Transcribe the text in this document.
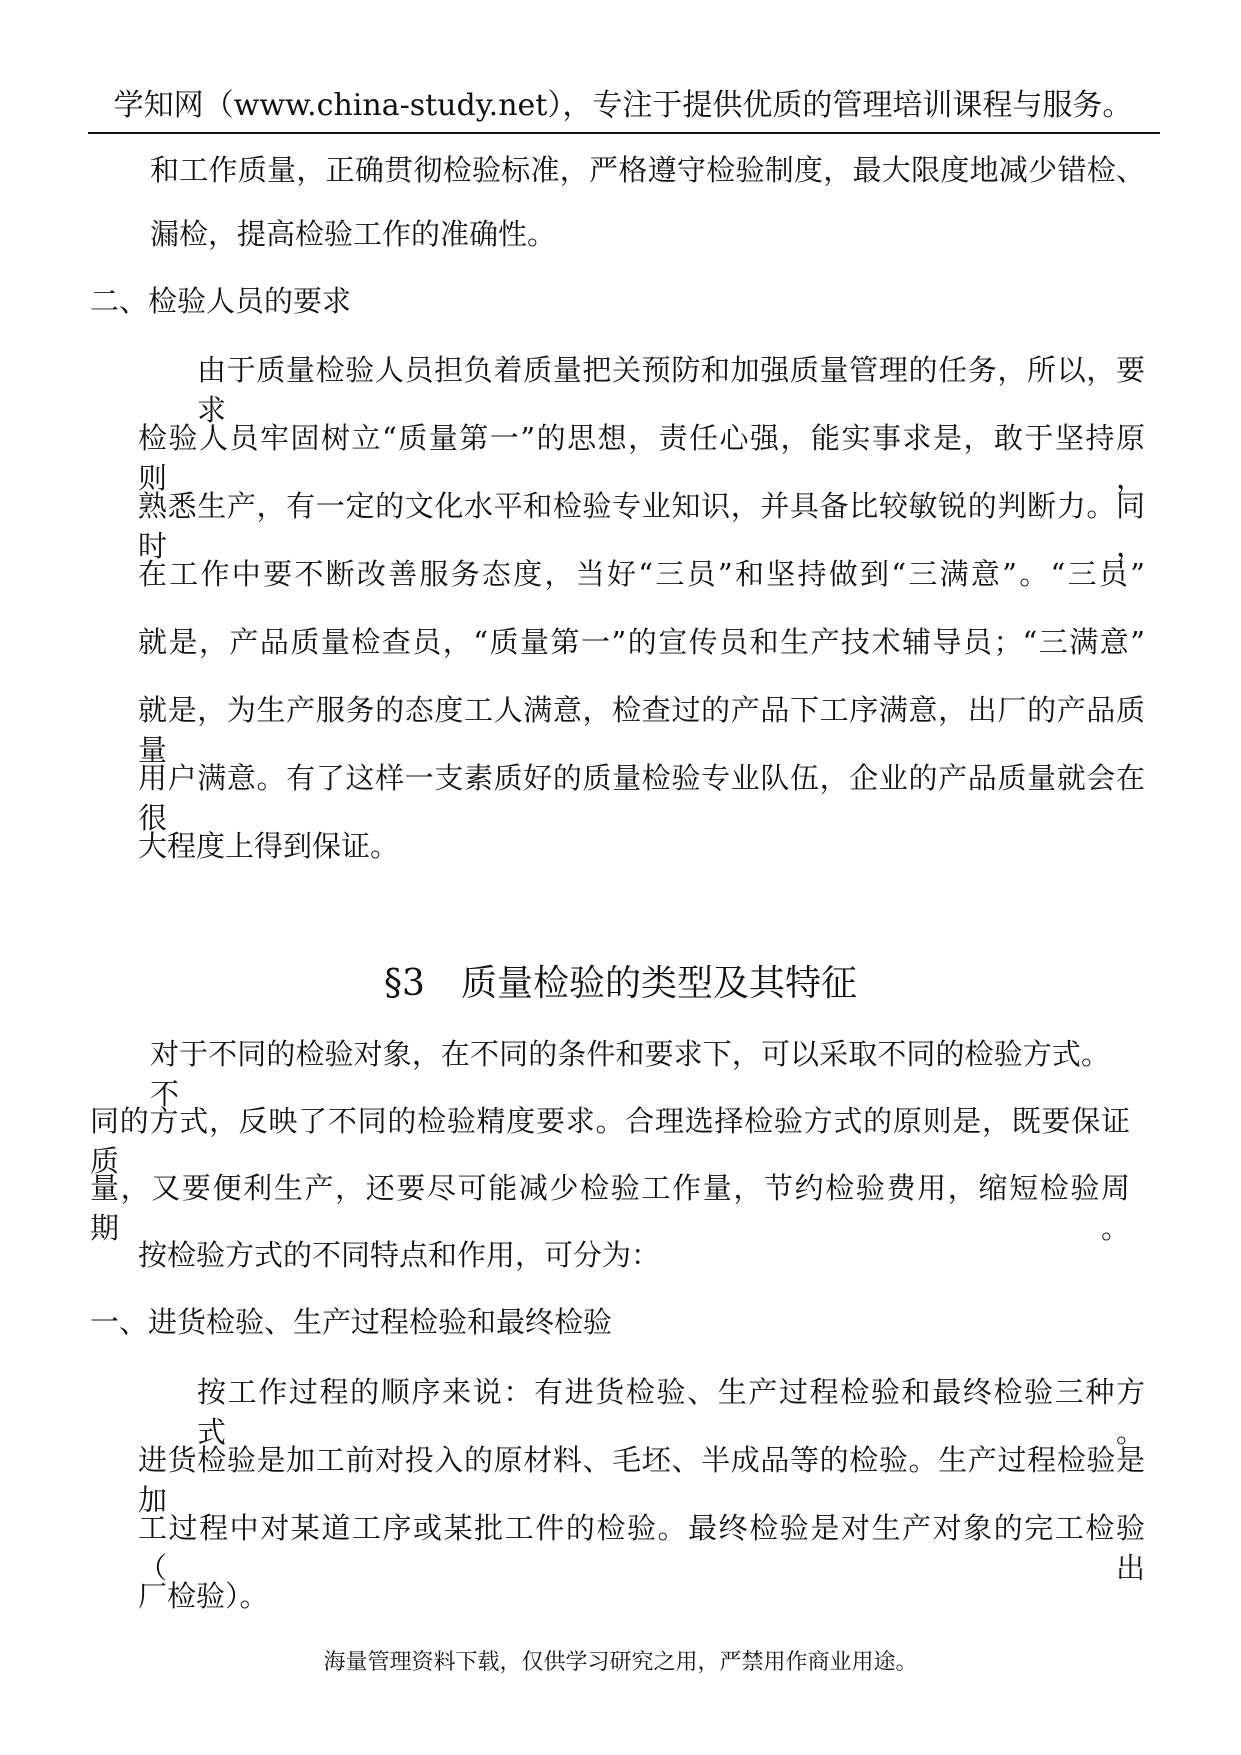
学知网（www.china-study.net），专注于提供优质的管理培训课程与服务。
和工作质量，正确贯彻检验标准，严格遵守检验制度，最大限度地减少错检、
漏检，提高检验工作的准确性。
二、检验人员的要求
由于质量检验人员担负着质量把关预防和加强质量管理的任务，所以，要求
检验人员牢固树立“质量第一”的思想，责任心强，能实事求是，敢于坚持原则，
熟悉生产，有一定的文化水平和检验专业知识，并具备比较敏锐的判断力。同时，
在工作中要不断改善服务态度，当好“三员”和坚持做到“三满意”。“三员”
就是，产品质量检查员，“质量第一”的宣传员和生产技术辅导员；“三满意”
就是，为生产服务的态度工人满意，检查过的产品下工序满意，出厂的产品质量
用户满意。有了这样一支素质好的质量检验专业队伍，企业的产品质量就会在很
大程度上得到保证。
§3　质量检验的类型及其特征
对于不同的检验对象，在不同的条件和要求下，可以采取不同的检验方式。不
同的方式，反映了不同的检验精度要求。合理选择检验方式的原则是，既要保证质
量，又要便利生产，还要尽可能减少检验工作量，节约检验费用，缩短检验周期。
按检验方式的不同特点和作用，可分为：
一、进货检验、生产过程检验和最终检验
按工作过程的顺序来说：有进货检验、生产过程检验和最终检验三种方式。
进货检验是加工前对投入的原材料、毛坯、半成品等的检验。生产过程检验是加
工过程中对某道工序或某批工件的检验。最终检验是对生产对象的完工检验（出
厂检验）。
海量管理资料下载，仅供学习研究之用，严禁用作商业用途。
